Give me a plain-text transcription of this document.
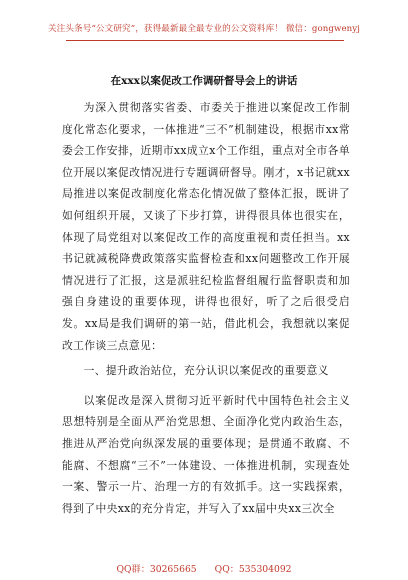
关注头条号“公文研究”，获得最新最全最专业的公文资料库！ 微信：gongwenyj
在xxx以案促改工作调研督导会上的讲话

为深入贯彻落实省委、市委关于推进以案促改工作制度化常态化要求，一体推进“三不”机制建设，根据市xx常委会工作安排，近期市xx成立x个工作组，重点对全市各单位开展以案促改情况进行专题调研督导。刚才，x书记就xx局推进以案促改制度化常态化情况做了整体汇报，既讲了如何组织开展，又谈了下步打算，讲得很具体也很实在，体现了局党组对以案促改工作的高度重视和责任担当。xx书记就减税降费政策落实监督检查和xx问题整改工作开展情况进行了汇报，这是派驻纪检监督组履行监督职责和加强自身建设的重要体现，讲得也很好，听了之后很受启发。xx局是我们调研的第一站，借此机会，我想就以案促改工作谈三点意见：

一、提升政治站位，充分认识以案促改的重要意义

以案促改是深入贯彻习近平新时代中国特色社会主义思想特别是全面从严治党思想、全面净化党内政治生态，推进从严治党向纵深发展的重要体现；是贯通不敢腐、不能腐、不想腐“三不”一体建设、一体推进机制，实现查处一案、警示一片、治理一方的有效抓手。这一实践探索，得到了中央xx的充分肯定，并写入了xx届中央xx三次全

QQ群：30265665 QQ：535304092
